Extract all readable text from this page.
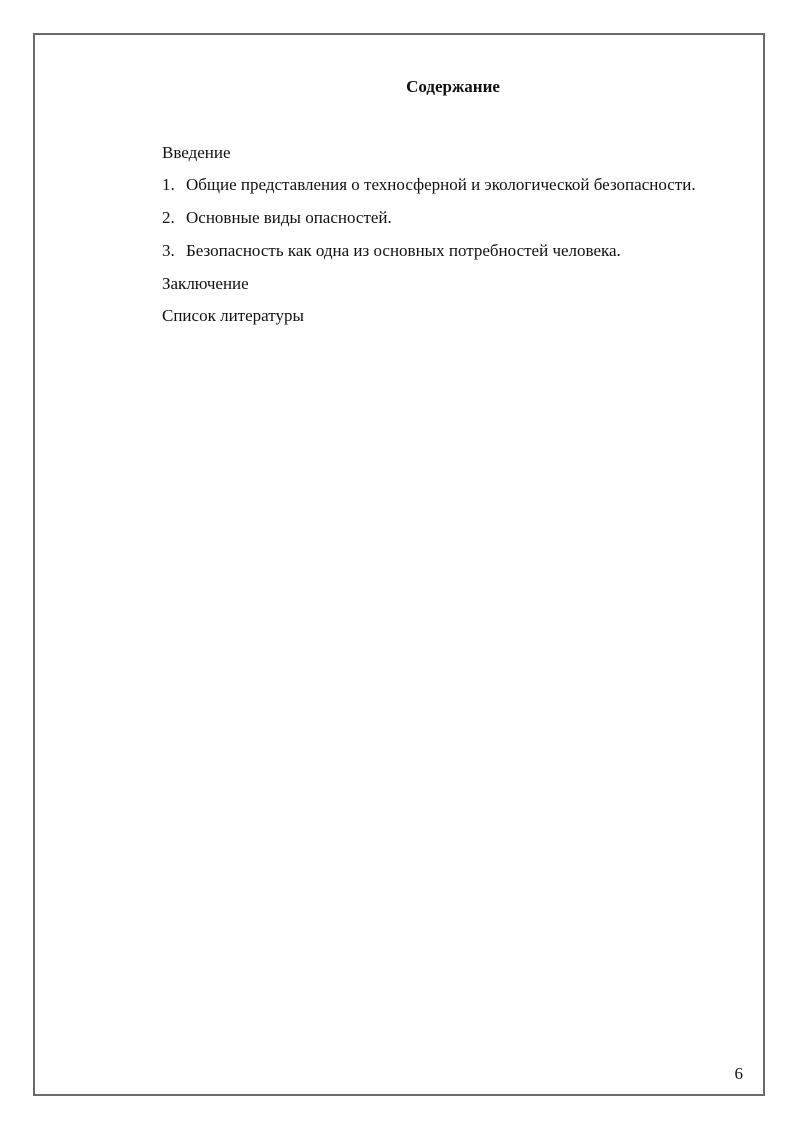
Содержание
Введение
1. Общие представления о техносферной и экологической безопасности.
2. Основные виды опасностей.
3. Безопасность как одна из основных потребностей человека.
Заключение
Список литературы
6
